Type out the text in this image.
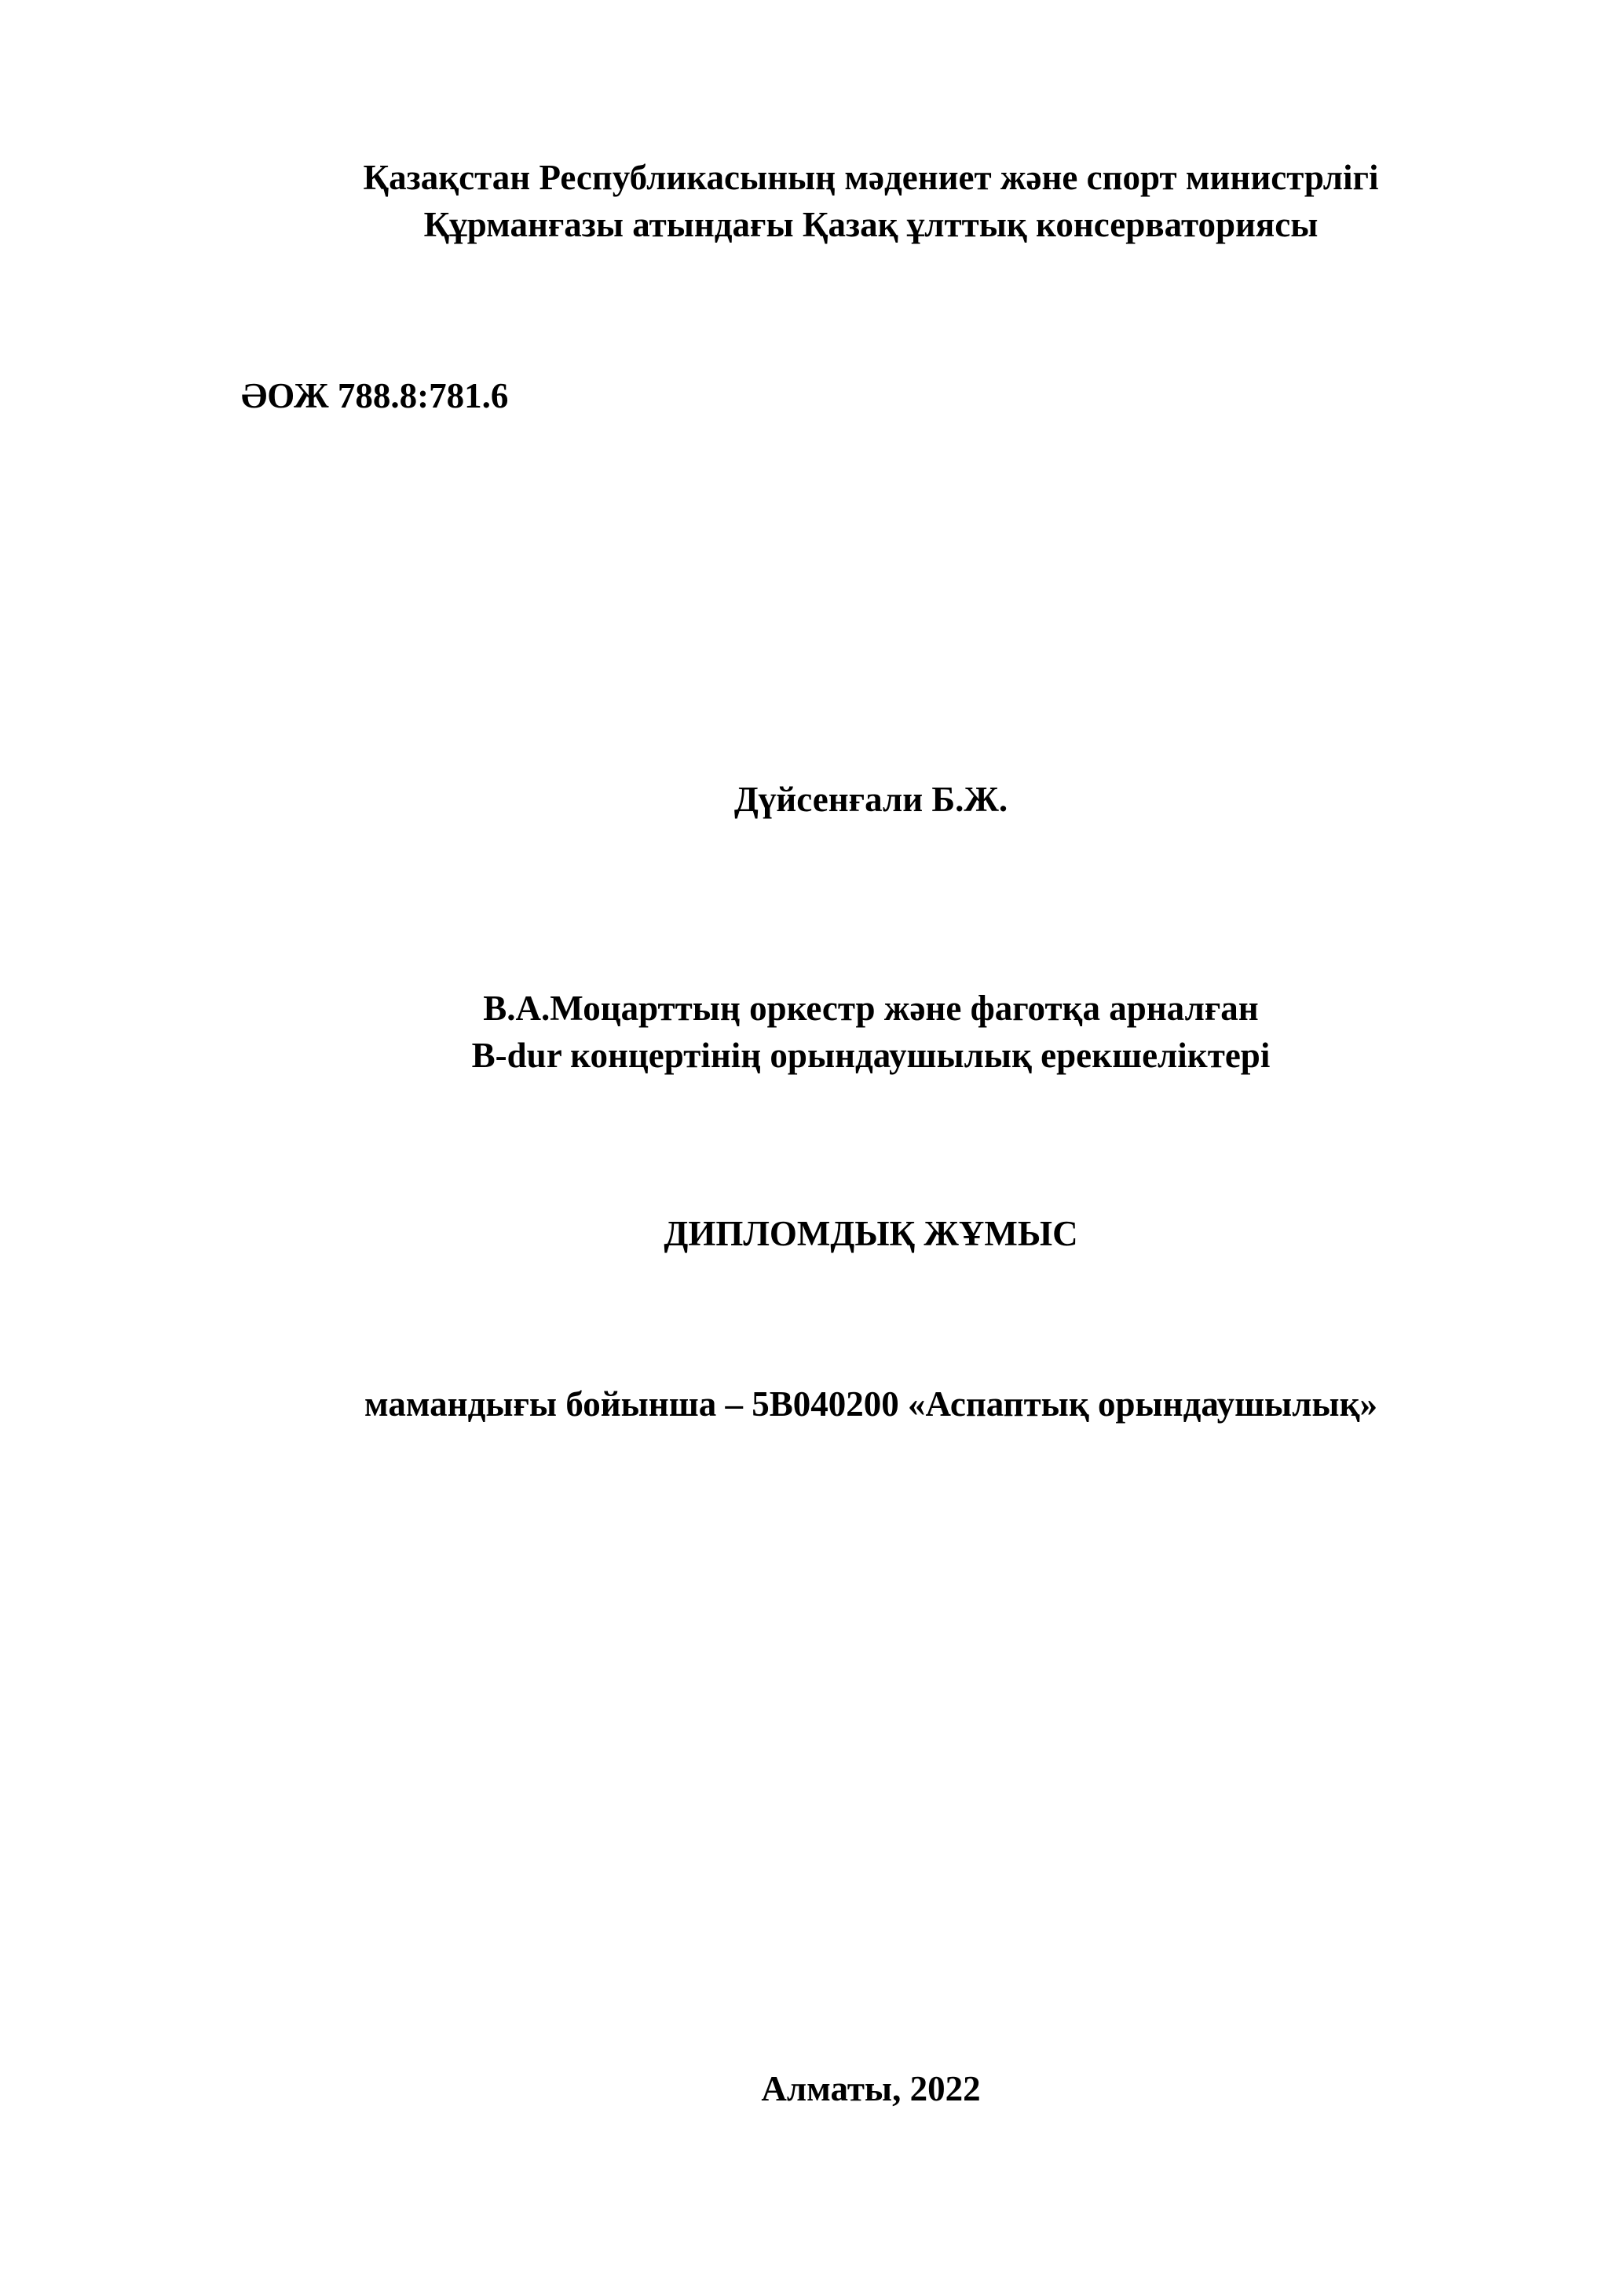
Қазақстан Республикасының мәдениет және спорт министрлігі
Құрманғазы атындағы Қазақ ұлттық консерваториясы
ӘОЖ 788.8:781.6
Дүйсенғали Б.Ж.
В.А.Моцарттың оркестр және фаготқа арналған
B-dur концертінің орындаушылық ерекшеліктері
ДИПЛОМДЫҚ ЖҰМЫС
мамандығы бойынша – 5В040200 «Аспаптық орындаушылық»
Алматы, 2022
